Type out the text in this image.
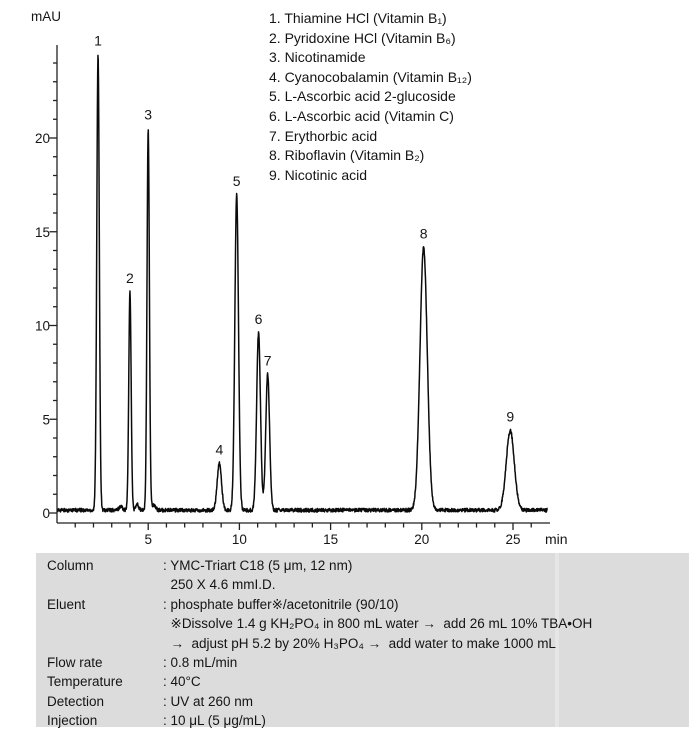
0
5
10
15
20
5	10	15	20	25
mAU
min
1
2
3
4
5
6
7
8
9
1. Thiamine HCl (Vitamin B₁)
2. Pyridoxine HCl (Vitamin B₆)
3. Nicotinamide
4. Cyanocobalamin (Vitamin B₁₂)
5. L-Ascorbic acid 2-glucoside
6. L-Ascorbic acid (Vitamin C)
7. Erythorbic acid
8. Riboflavin (Vitamin B₂)
9. Nicotinic acid
Column	: YMC-Triart C18 (5 μm, 12 nm)
250 X 4.6 mmI.D.
Eluent	: phosphate buffer※/acetonitrile (90/10)
※Dissolve 1.4 g KH₂PO₄ in 800 mL water →  add 26 mL 10% TBA•OH
→  adjust pH 5.2 by 20% H₃PO₄ →  add water to make 1000 mL
Flow rate	: 0.8 mL/min
Temperature	: 40°C
Detection	: UV at 260 nm
Injection	: 10 μL (5 μg/mL)
